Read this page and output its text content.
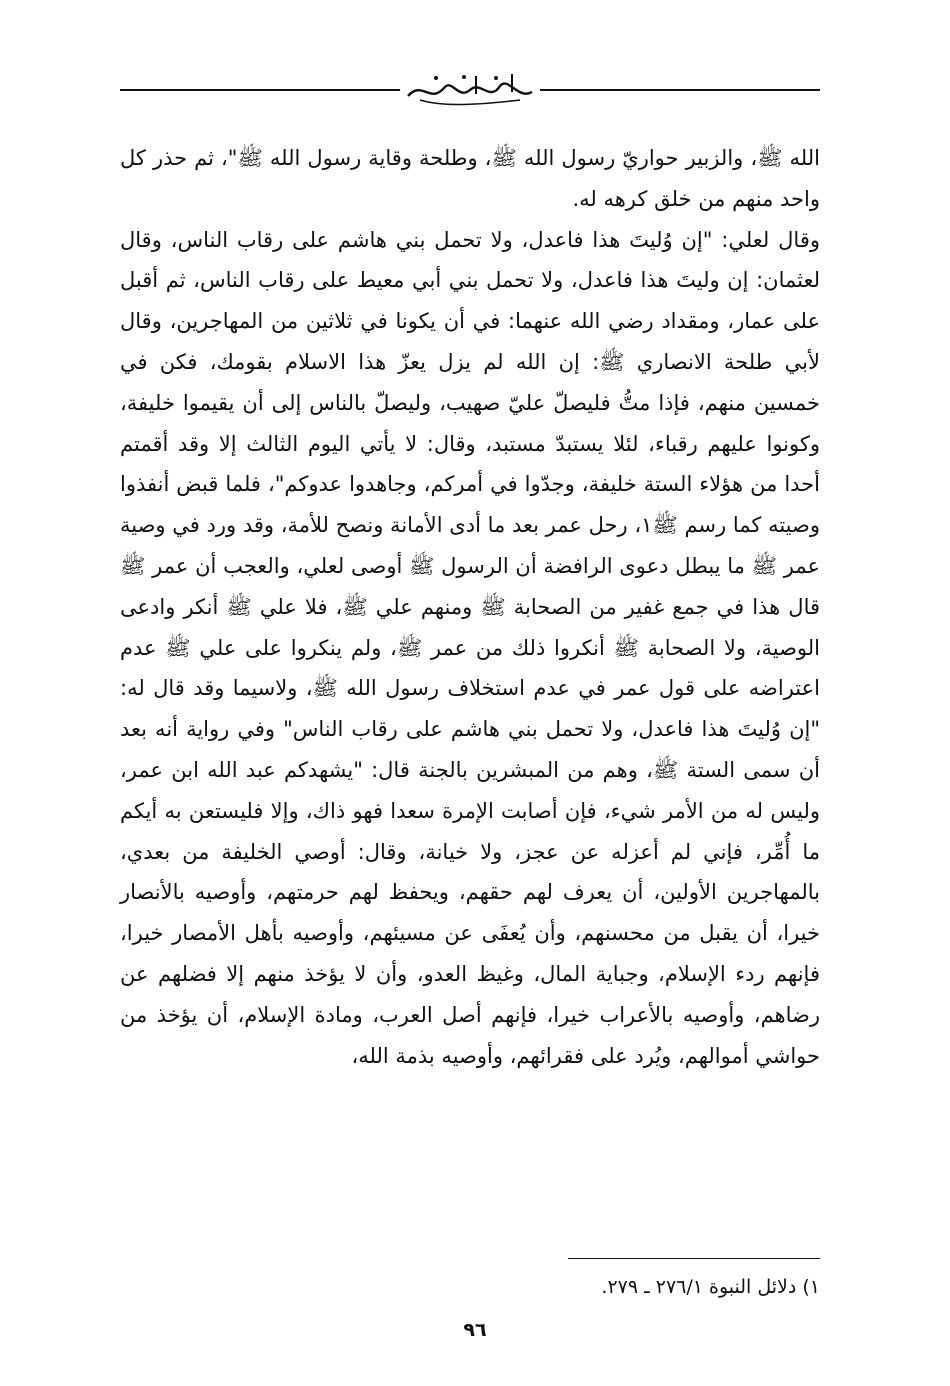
الله ﷺ، والزبير حواريّ رسول الله ﷺ، وطلحة وقاية رسول الله ﷺ"، ثم حذر كل واحد منهم من خلق كرهه له.

وقال لعلي: "إن وُليتَ هذا فاعدل، ولا تحمل بني هاشم على رقاب الناس، وقال لعثمان: إن وليتَ هذا فاعدل، ولا تحمل بني أبي معيط على رقاب الناس، ثم أقبل على عمار، ومقداد رضي الله عنهما: في أن يكونا في ثلاثين من المهاجرين، وقال لأبي طلحة الانصاري ﷺ: إن الله لم يزل يعزّ هذا الاسلام بقومك، فكن في خمسين منهم، فإذا متُّ فليصلّ عليّ صهيب، وليصلّ بالناس إلى أن يقيموا خليفة، وكونوا عليهم رقباء، لئلا يستبدّ مستبد، وقال: لا يأتي اليوم الثالث إلا وقد أقمتم أحدا من هؤلاء الستة خليفة، وجدّوا في أمركم، وجاهدوا عدوكم"، فلما قبض أنفذوا وصيته كما رسم ﷺ١، رحل عمر بعد ما أدى الأمانة ونصح للأمة، وقد ورد في وصية عمر ﷺ ما يبطل دعوى الرافضة أن الرسول ﷺ أوصى لعلي، والعجب أن عمر ﷺ قال هذا في جمع غفير من الصحابة ﷺ ومنهم علي ﷺ، فلا علي ﷺ أنكر وادعى الوصية، ولا الصحابة ﷺ أنكروا ذلك من عمر ﷺ، ولم ينكروا على علي ﷺ عدم اعتراضه على قول عمر في عدم استخلاف رسول الله ﷺ، ولاسيما وقد قال له: "إن وُليتَ هذا فاعدل، ولا تحمل بني هاشم على رقاب الناس" وفي رواية أنه بعد أن سمى الستة ﷺ، وهم من المبشرين بالجنة قال: "يشهدكم عبد الله ابن عمر، وليس له من الأمر شيء، فإن أصابت الإمرة سعدا فهو ذاك، وإلا فليستعن به أيكم ما أُمِّر، فإني لم أعزله عن عجز، ولا خيانة، وقال: أوصي الخليفة من بعدي، بالمهاجرين الأولين، أن يعرف لهم حقهم، ويحفظ لهم حرمتهم، وأوصيه بالأنصار خيرا، أن يقبل من محسنهم، وأن يُعفَى عن مسيئهم، وأوصيه بأهل الأمصار خيرا، فإنهم ردء الإسلام، وجباية المال، وغيظ العدو، وأن لا يؤخذ منهم إلا فضلهم عن رضاهم، وأوصيه بالأعراب خيرا، فإنهم أصل العرب، ومادة الإسلام، أن يؤخذ من حواشي أموالهم، ويُرد على فقرائهم، وأوصيه بذمة الله،

١) دلائل النبوة ٢٧٦/١ ـ ٢٧٩.
٩٦
